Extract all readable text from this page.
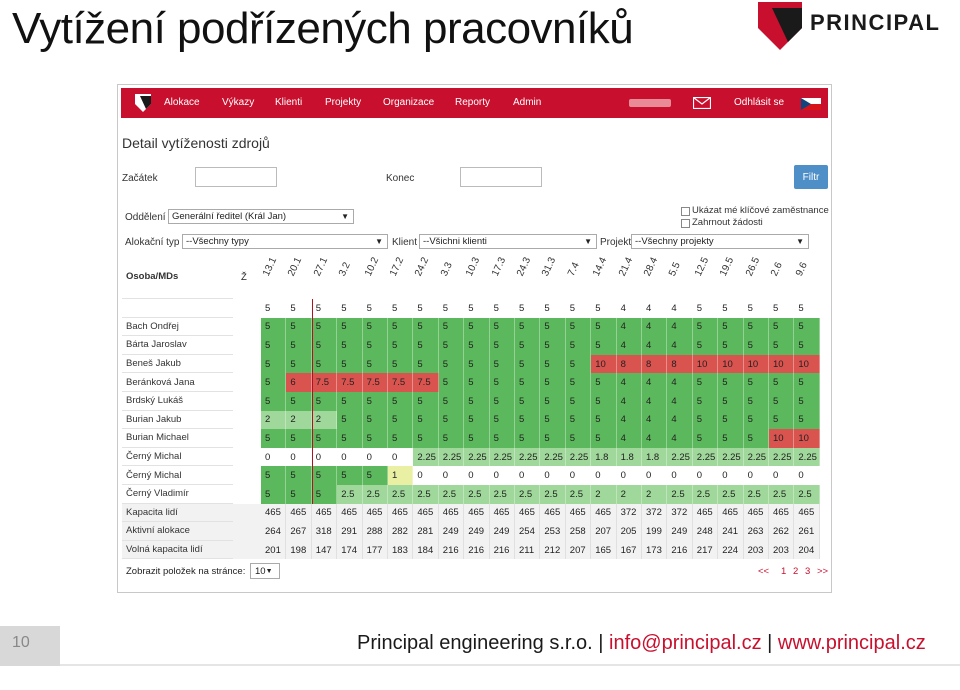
Vytížení podřízených pracovníků	PRINCIPAL
Alokace Výkazy Klienti Projekty Organizace Reporty Admin	Odhlásit se
Detail vytíženosti zdrojů
Začátek	Konec	Filtr
Oddělení Generální ředitel (Král Jan)	▼
Ukázat mé klíčové zaměstnance
Zahrnout žádosti
Alokační typ --Všechny typy	▼ Klient --Všichni klienti	▼ Projekt --Všechny projekty	▼
Osoba/MDs	Ž	13.1 20.1 27.1 3.2 10.2 17.2 24.2 3.3 10.3 17.3 24.3 31.3 7.4 14.4 21.4 28.4 5.5 12.5 19.5 26.5 2.6 9.6
5	5	5	5	5	5	5	5	5	5	5	5	5	5	4	4	4	5	5	5	5	5
Bach Ondřej	5	5	5	5	5	5	5	5	5	5	5	5	5	5	4	4	4	5	5	5	5	5
Bárta Jaroslav	5	5	5	5	5	5	5	5	5	5	5	5	5	5	4	4	4	5	5	5	5	5
Beneš Jakub	5	5	5	5	5	5	5	5	5	5	5	5	5	10	8	8	8	10	10	10	10	10
Beránková Jana	5	6	7.5	7.5	7.5	7.5	7.5	5	5	5	5	5	5	5	4	4	4	5	5	5	5	5
Brdský Lukáš	5	5	5	5	5	5	5	5	5	5	5	5	5	5	4	4	4	5	5	5	5	5
Burian Jakub	2	2	2	5	5	5	5	5	5	5	5	5	5	5	4	4	4	5	5	5	5	5
Burian Michael	5	5	5	5	5	5	5	5	5	5	5	5	5	5	4	4	4	5	5	5	10	10
Černý Michal	0	0	0	0	0	0	2.25 2.25 2.25 2.25 2.25 2.25 2.25 1.8	1.8	1.8	2.25 2.25 2.25 2.25 2.25 2.25
Černý Michal	5	5	5	5	5	1	0	0	0	0	0	0	0	0	0	0	0	0	0	0	0	0
Černý Vladimír	5	5	5	2.5	2.5	2.5	2.5	2.5	2.5	2.5	2.5	2.5	2.5	2	2	2	2.5	2.5	2.5	2.5	2.5	2.5
Kapacita lidí	465	465	465	465	465	465	465	465	465	465	465	465	465	465	372	372	372	465	465	465	465	465
Aktivní alokace	264	267	318	291	288	282	281	249	249	249	254	253	258	207	205	199	249	248	241	263	262	261
Volná kapacita lidí	201	198	147	174	177	183	184	216	216	216	211	212	207	165	167	173	216	217	224	203	203	204
Zobrazit položek na stránce: 10 ▼	<< 1 2 3 >>
10	Principal engineering s.r.o. | info@principal.cz | www.principal.cz
